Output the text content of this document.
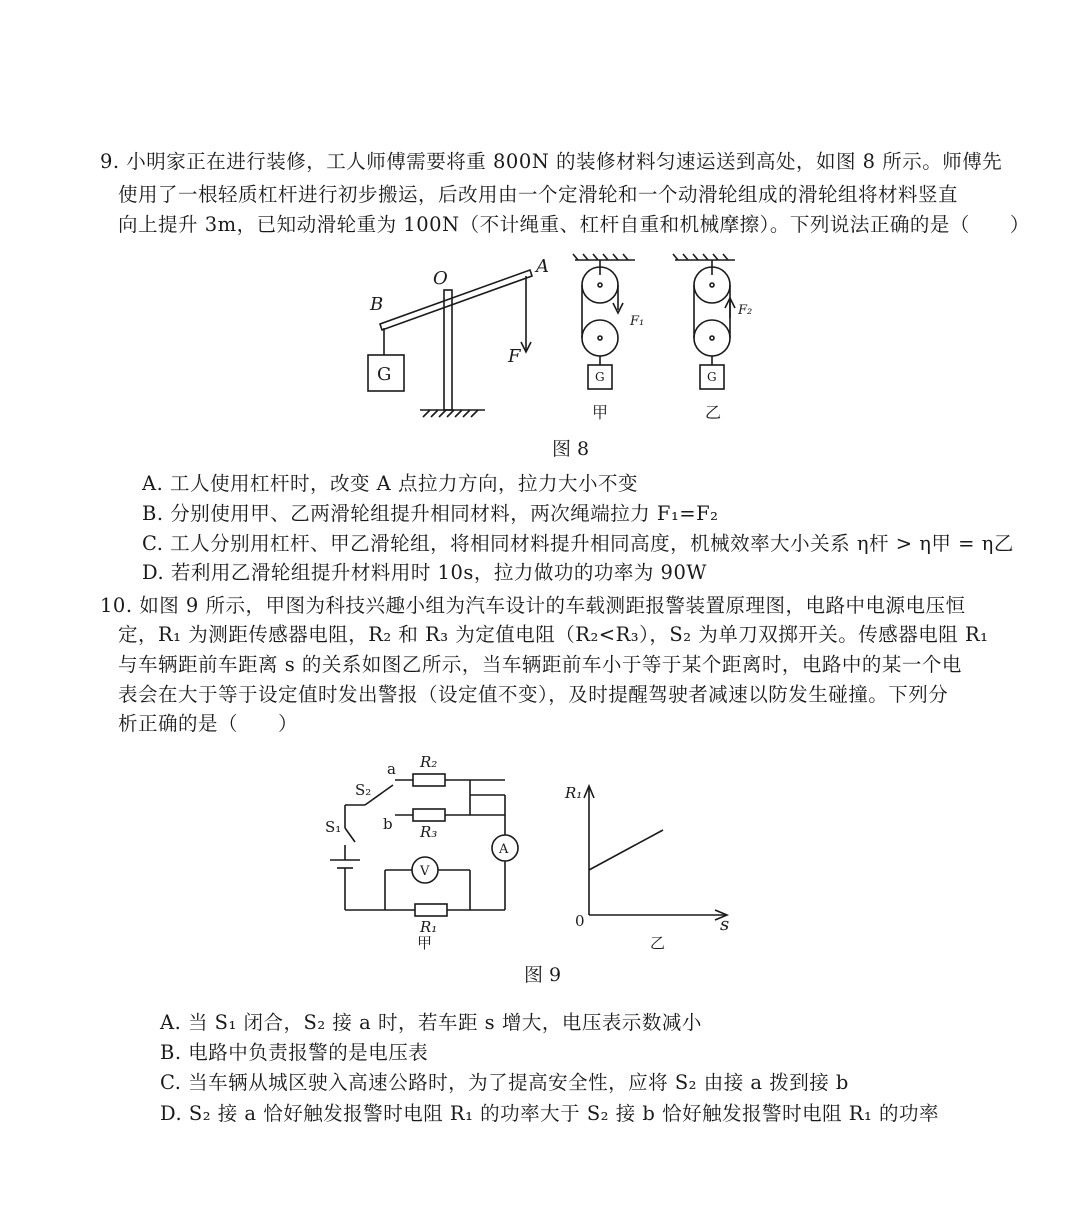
9. 小明家正在进行装修，工人师傅需要将重 800N 的装修材料匀速运送到高处，如图 8 所示。师傅先
使用了一根轻质杠杆进行初步搬运，后改用由一个定滑轮和一个动滑轮组成的滑轮组将材料竖直
向上提升 3m，已知动滑轮重为 100N（不计绳重、杠杆自重和机械摩擦）。下列说法正确的是（　　）
O
A
B
F
G
F₁
G
甲
F₂
G
乙
图 8
A. 工人使用杠杆时，改变 A 点拉力方向，拉力大小不变
B. 分别使用甲、乙两滑轮组提升相同材料，两次绳端拉力 F₁=F₂
C. 工人分别用杠杆、甲乙滑轮组，将相同材料提升相同高度，机械效率大小关系 η杆 > η甲 = η乙
D. 若利用乙滑轮组提升材料用时 10s，拉力做功的功率为 90W
10. 如图 9 所示，甲图为科技兴趣小组为汽车设计的车载测距报警装置原理图，电路中电源电压恒
定，R₁ 为测距传感器电阻，R₂ 和 R₃ 为定值电阻（R₂<R₃），S₂ 为单刀双掷开关。传感器电阻 R₁
与车辆距前车距离 s 的关系如图乙所示，当车辆距前车小于等于某个距离时，电路中的某一个电
表会在大于等于设定值时发出警报（设定值不变），及时提醒驾驶者减速以防发生碰撞。下列分
析正确的是（　　）
a R₂
S₂
b R₃
S₁
A
V
R₁
甲
R₁
0	s
乙
图 9
A. 当 S₁ 闭合，S₂ 接 a 时，若车距 s 增大，电压表示数减小
B. 电路中负责报警的是电压表
C. 当车辆从城区驶入高速公路时，为了提高安全性，应将 S₂ 由接 a 拨到接 b
D. S₂ 接 a 恰好触发报警时电阻 R₁ 的功率大于 S₂ 接 b 恰好触发报警时电阻 R₁ 的功率
